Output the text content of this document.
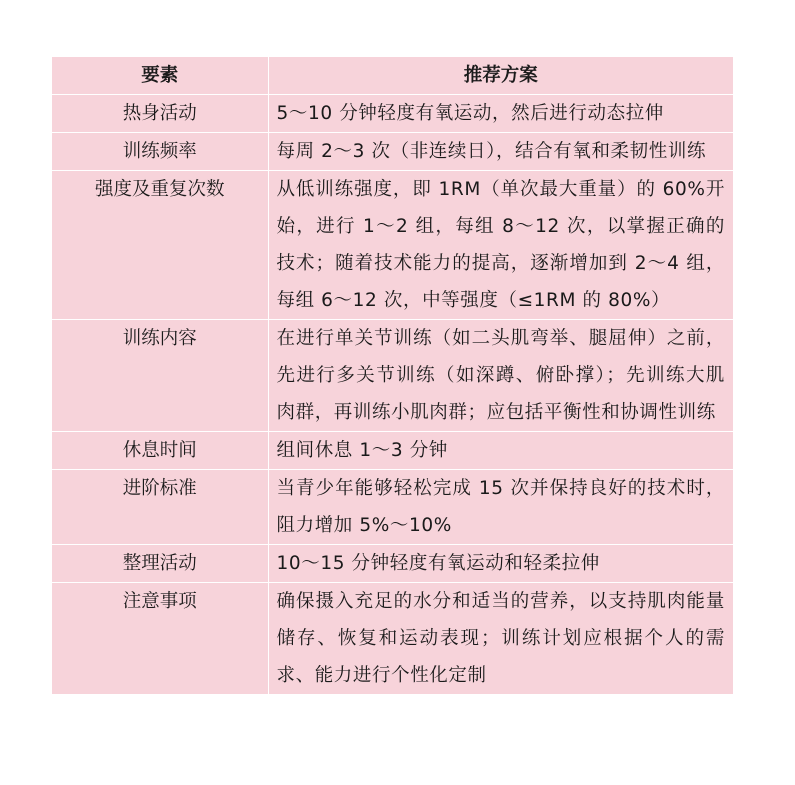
要素	推荐方案
热身活动	5～10 分钟轻度有氧运动，然后进行动态拉伸
训练频率	每周 2～3 次（非连续日），结合有氧和柔韧性训练
强度及重复次数	从低训练强度，即 1RM（单次最大重量）的 60%开始，进行 1～2 组，每组 8～12 次，以掌握正确的技术；随着技术能力的提高，逐渐增加到 2～4 组，每组 6～12 次，中等强度（≤1RM 的 80%）
训练内容	在进行单关节训练（如二头肌弯举、腿屈伸）之前，先进行多关节训练（如深蹲、俯卧撑）；先训练大肌肉群，再训练小肌肉群；应包括平衡性和协调性训练
休息时间	组间休息 1～3 分钟
进阶标准	当青少年能够轻松完成 15 次并保持良好的技术时，阻力增加 5%～10%
整理活动	10～15 分钟轻度有氧运动和轻柔拉伸
注意事项	确保摄入充足的水分和适当的营养，以支持肌肉能量储存、恢复和运动表现；训练计划应根据个人的需求、能力进行个性化定制
